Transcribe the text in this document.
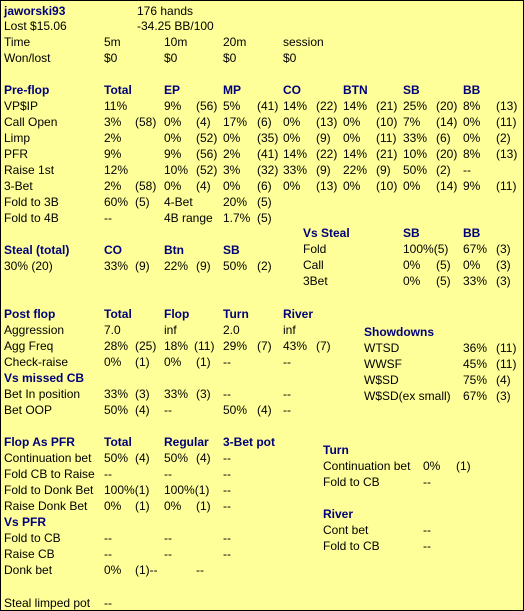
jaworski93	176 hands
Lost $15.06	-34.25 BB/100
Time	5m	10m	20m	session
Won/lost	$0	$0	$0	$0
Pre-flop	Total	EP	MP	CO	BTN	SB	BB
VP$IP	11%	9% (56) 5% (41) 14% (22) 14% (21) 25% (20) 8% (13)
Call Open	3% (58) 0% (4) 17% (6) 0% (13) 0% (10) 7% (14) 0% (11)
Limp	2%	0% (52) 0% (35) 0% (9) 0% (11) 33% (6) 0% (2)
PFR	9%	9% (56) 2% (41) 14% (22) 14% (21) 10% (20) 8% (13)
Raise 1st	12%	10% (52) 3% (32) 33% (9) 22% (9) 50% (2) --
3-Bet	2% (58) 0% (4) 0% (6) 0% (13) 0% (10) 0% (14) 9% (11)
Fold to 3B	60% (5) 4-Bet	20% (5)
Fold to 4B	--	4B range 1.7% (5)
Vs Steal	SB	BB
Fold	100%(5) 67% (3)
Call	0% (5) 0% (3)
3Bet	0% (5) 33% (3)
Steal (total)	CO	Btn	SB
30% (20)	33% (9) 22% (9) 50% (2)
Post flop	Total	Flop	Turn	River
Aggression	7.0	inf	2.0	inf
Agg Freq	28% (25) 18% (11) 29% (7) 43% (7)
Check-raise	0% (1) 0% (1) --	--
Vs missed CB
Bet In position 33% (3) 33% (3) --	--
Bet OOP	50% (4) --	50% (4) --
Showdowns
WTSD	36% (11)
WWSF	45% (11)
W$SD	75% (4)
W$SD(ex small) 67% (3)
Flop As PFR Total	Regular 3-Bet pot
Continuation bet 50% (4) 50% (4) --
Fold CB to Raise --	--	--
Fold to Donk Bet 100%(1) 100%(1) --
Raise Donk Bet 0% (1) 0% (1) --
Vs PFR
Fold to CB	--	--	--
Raise CB	--	--	--
Donk bet	0% (1)--	--
Turn
Continuation bet 0% (1)
Fold to CB	--
River
Cont bet	--
Fold to CB	--
Steal limped pot --
